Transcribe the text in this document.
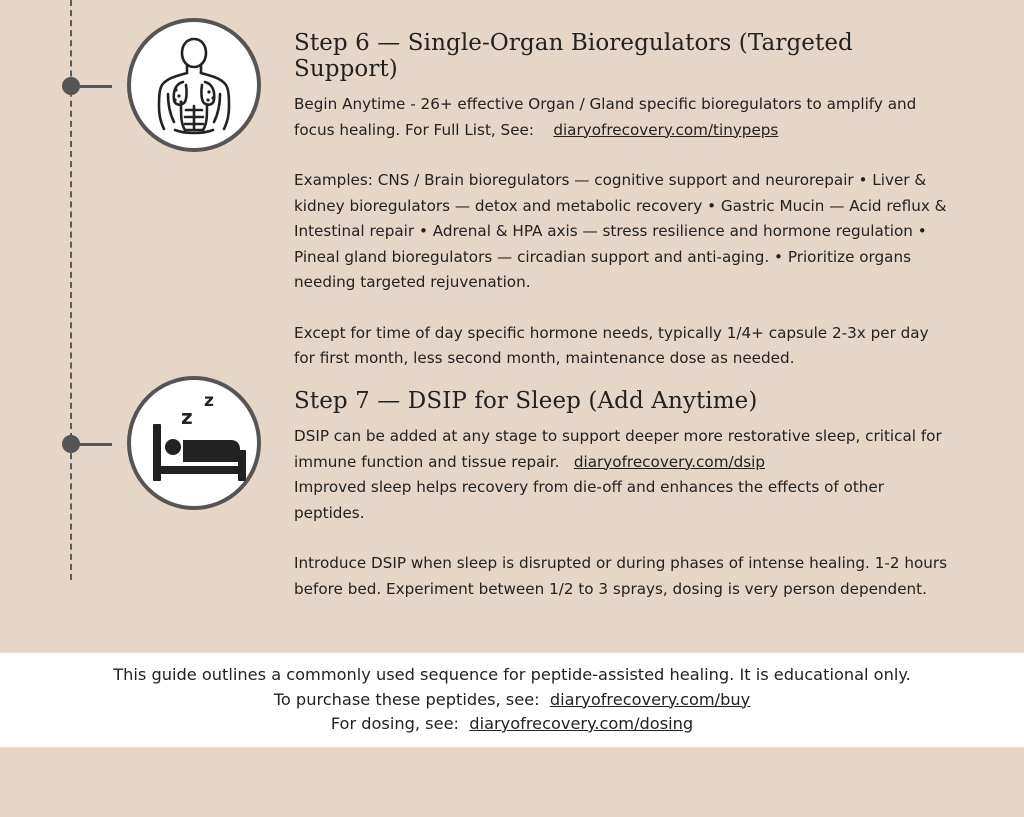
Step 6 — Single-Organ Bioregulators (Targeted Support)

Begin Anytime - 26+ effective Organ / Gland specific bioregulators to amplify and focus healing. For Full List, See: diaryofrecovery.com/tinypeps

Examples: CNS / Brain bioregulators — cognitive support and neurorepair • Liver & kidney bioregulators — detox and metabolic recovery • Gastric Mucin — Acid reflux & Intestinal repair • Adrenal & HPA axis — stress resilience and hormone regulation • Pineal gland bioregulators — circadian support and anti-aging. • Prioritize organs needing targeted rejuvenation.

Except for time of day specific hormone needs, typically 1/4+ capsule 2-3x per day for first month, less second month, maintenance dose as needed.

z
z	Step 7 — DSIP for Sleep (Add Anytime)

DSIP can be added at any stage to support deeper more restorative sleep, critical for immune function and tissue repair. diaryofrecovery.com/dsip
Improved sleep helps recovery from die-off and enhances the effects of other peptides.

Introduce DSIP when sleep is disrupted or during phases of intense healing. 1-2 hours before bed. Experiment between 1/2 to 3 sprays, dosing is very person dependent.

This guide outlines a commonly used sequence for peptide-assisted healing. It is educational only.
To purchase these peptides, see: diaryofrecovery.com/buy
For dosing, see: diaryofrecovery.com/dosing
